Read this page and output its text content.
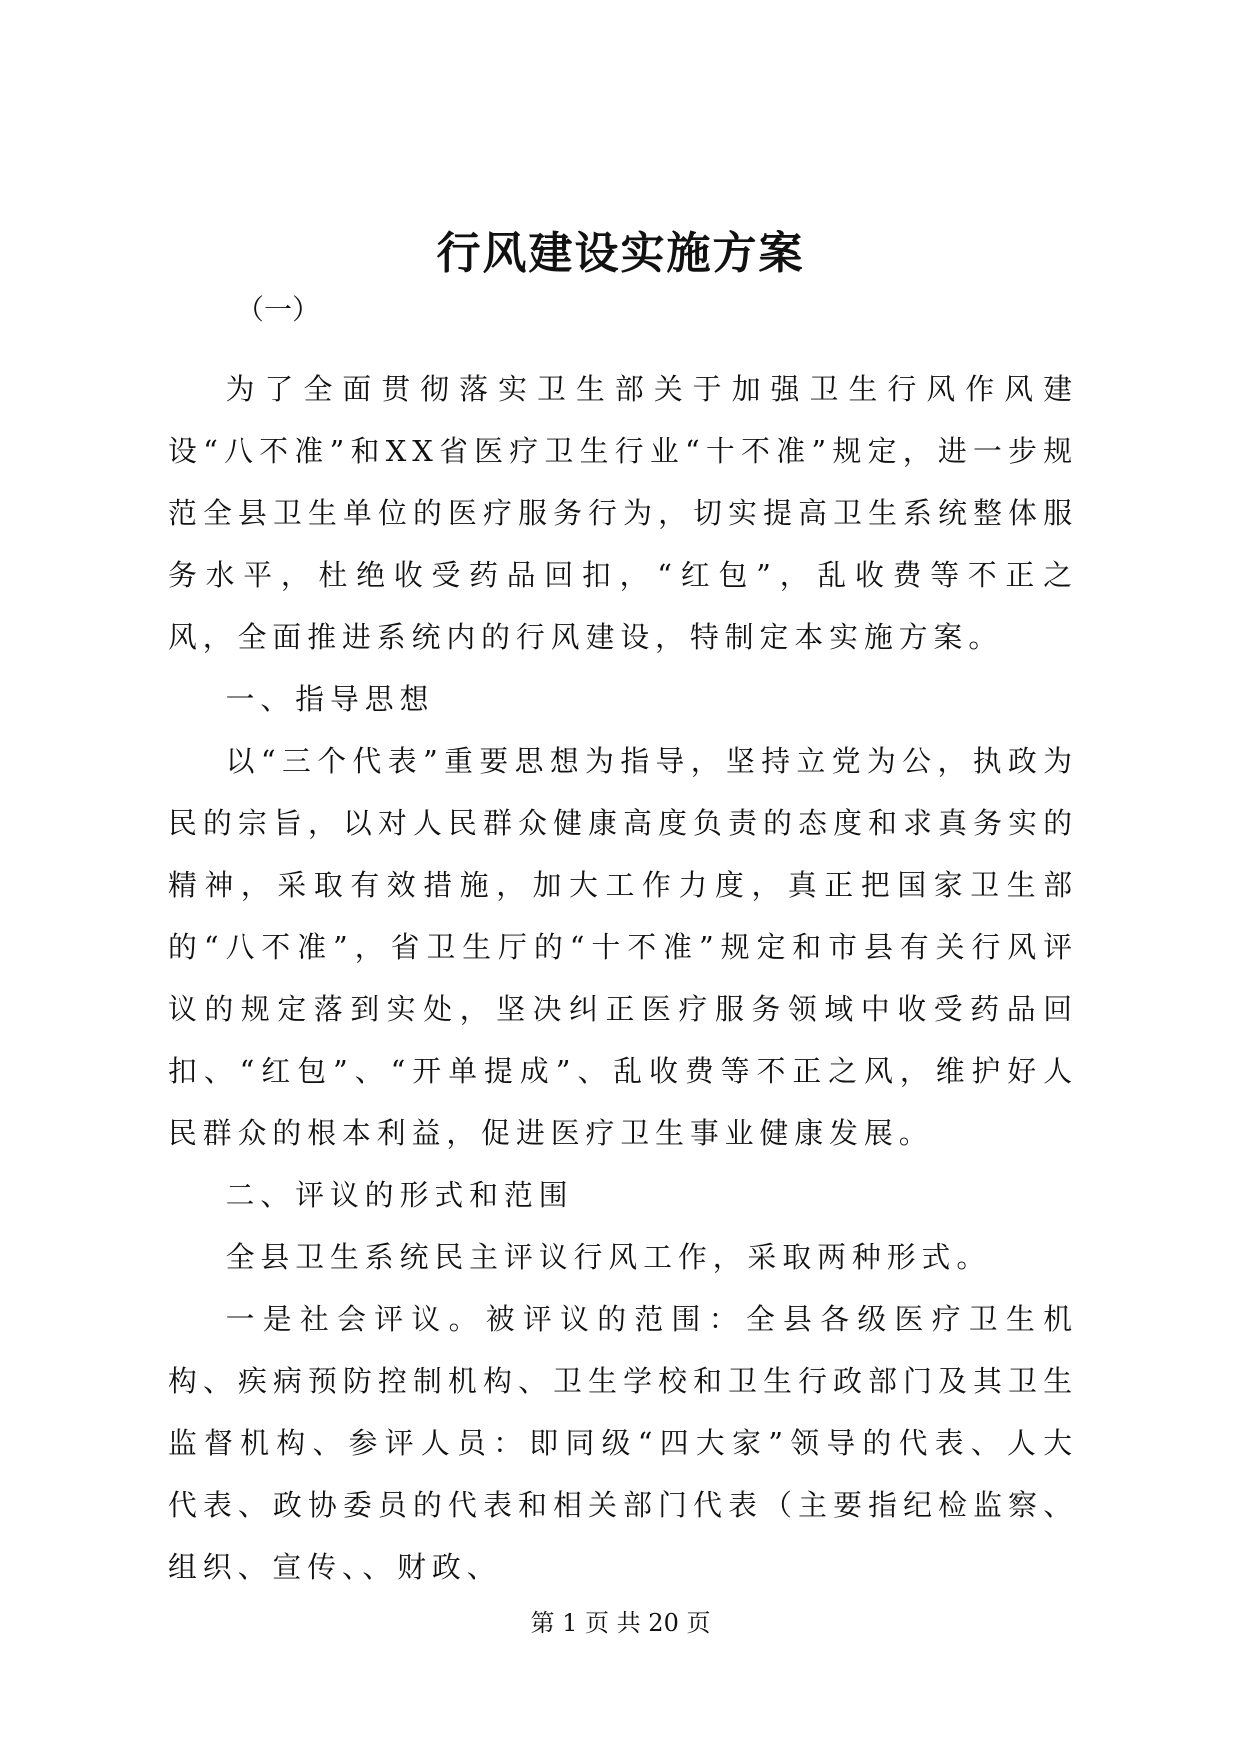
行风建设实施方案
（一）

为了全面贯彻落实卫生部关于加强卫生行风作风建设“八不准”和XX省医疗卫生行业“十不准”规定，进一步规范全县卫生单位的医疗服务行为，切实提高卫生系统整体服务水平，杜绝收受药品回扣，“红包”，乱收费等不正之风，全面推进系统内的行风建设，特制定本实施方案。

一、指导思想

以“三个代表”重要思想为指导，坚持立党为公，执政为民的宗旨，以对人民群众健康高度负责的态度和求真务实的精神，采取有效措施，加大工作力度，真正把国家卫生部的“八不准”，省卫生厅的“十不准”规定和市县有关行风评议的规定落到实处，坚决纠正医疗服务领域中收受药品回扣、“红包”、“开单提成”、乱收费等不正之风，维护好人民群众的根本利益，促进医疗卫生事业健康发展。

二、评议的形式和范围

全县卫生系统民主评议行风工作，采取两种形式。

一是社会评议。被评议的范围：全县各级医疗卫生机构、疾病预防控制机构、卫生学校和卫生行政部门及其卫生监督机构、参评人员：即同级“四大家”领导的代表、人大代表、政协委员的代表和相关部门代表（主要指纪检监察、组织、宣传、、财政、

第 1 页 共 20 页
